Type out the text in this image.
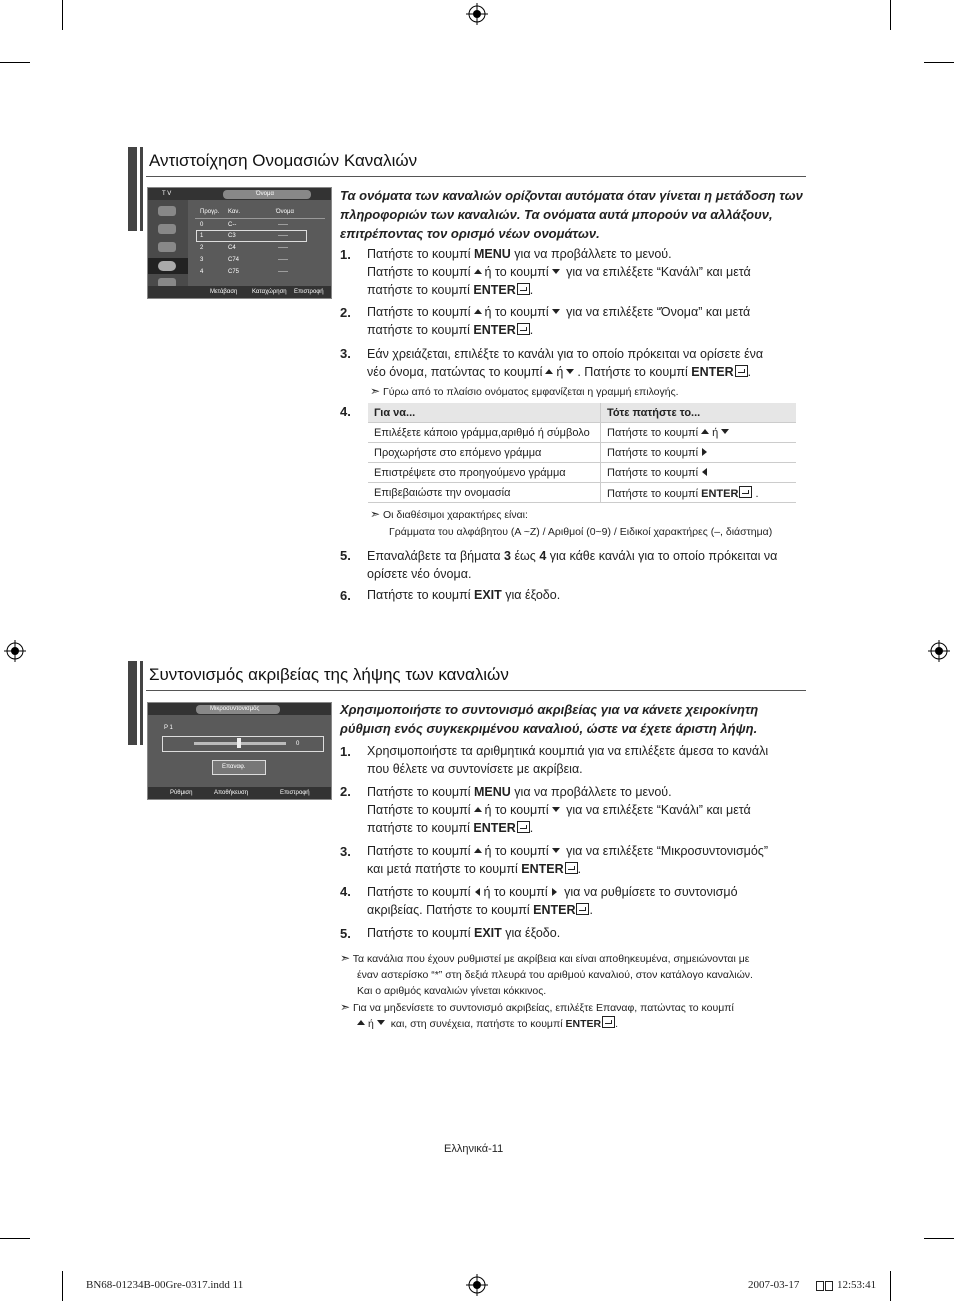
Αντιστοίχηση Ονομασιών Καναλιών
T V	Όνομα
Προγρ. Καν.	Όνομα
0	C--	-----
1	C3	-----
2	C4	-----
3	C74	-----
4	C75	-----
Μετάβαση Καταχώρηση Επιστροφή
Τα ονόματα των καναλιών ορίζονται αυτόματα όταν γίνεται η μετάδοση των πληροφοριών των καναλιών. Τα ονόματα αυτά μπορούν να αλλάξουν, επιτρέποντας τον ορισμό νέων ονομάτων.
1. Πατήστε το κουμπί MENU για να προβάλλετε το μενού.
Πατήστε το κουμπί ή το κουμπί για να επιλέξετε “Κανάλι” και μετά
πατήστε το κουμπί ENTER .
2. Πατήστε το κουμπί ή το κουμπί για να επιλέξετε “Όνομα” και μετά
πατήστε το κουμπί ENTER .
3. Εάν χρειάζεται, επιλέξτε το κανάλι για το οποίο πρόκειται να ορίσετε ένα
νέο όνομα, πατώντας το κουμπί ή . Πατήστε το κουμπί ENTER .
➣ Γύρω από το πλαίσιο ονόματος εμφανίζεται η γραμμή επιλογής.
4. Για να...	Τότε πατήστε το...
Επιλέξετε κάποιο γράμμα,αριθμό ή σύμβολο	Πατήστε το κουμπί ή
Προχωρήστε στο επόμενο γράμμα	Πατήστε το κουμπί
Επιστρέψετε στο προηγούμενο γράμμα	Πατήστε το κουμπί
Επιβεβαιώστε την ονομασία	Πατήστε το κουμπί ENTER .
➣ Οι διαθέσιμοι χαρακτήρες είναι:
Γράμματα του αλφάβητου (A ~Z) / Αριθμοί (0~9) / Ειδικοί χαρακτήρες (–, διάστημα)
5. Επαναλάβετε τα βήματα 3 έως 4 για κάθε κανάλι για το οποίο πρόκειται να
ορίσετε νέο όνομα.
6. Πατήστε το κουμπί EXIT για έξοδο.
Συντονισμός ακριβείας της λήψης των καναλιών
Μικροσυντονισμός
P 1
0
Επαναφ.
Ρύθμιση	Αποθήκευση	Επιστροφή
Χρησιμοποιήστε το συντονισμό ακριβείας για να κάνετε χειροκίνητη ρύθμιση ενός συγκεκριμένου καναλιού, ώστε να έχετε άριστη λήψη.
1. Χρησιμοποιήστε τα αριθμητικά κουμπιά για να επιλέξετε άμεσα το κανάλι
που θέλετε να συντονίσετε με ακρίβεια.
2. Πατήστε το κουμπί MENU για να προβάλλετε το μενού.
Πατήστε το κουμπί ή το κουμπί για να επιλέξετε “Κανάλι” και μετά
πατήστε το κουμπί ENTER .
3. Πατήστε το κουμπί ή το κουμπί για να επιλέξετε “Μικροσυντονισμός”
και μετά πατήστε το κουμπί ENTER .
4. Πατήστε το κουμπί ή το κουμπί για να ρυθμίσετε το συντονισμό
ακριβείας. Πατήστε το κουμπί ENTER .
5. Πατήστε το κουμπί EXIT για έξοδο.
➣ Τα κανάλια που έχουν ρυθμιστεί με ακρίβεια και είναι αποθηκευμένα, σημειώνονται με
έναν αστερίσκο “*” στη δεξιά πλευρά του αριθμού καναλιού, στον κατάλογο καναλιών.
Και ο αριθμός καναλιών γίνεται κόκκινος.
➣ Για να μηδενίσετε το συντονισμό ακριβείας, επιλέξτε Επαναφ, πατώντας το κουμπί
ή και, στη συνέχεια, πατήστε το κουμπί ENTER .
Ελληνικά-11
BN68-01234B-00Gre-0317.indd 11	2007-03-17	12:53:41
